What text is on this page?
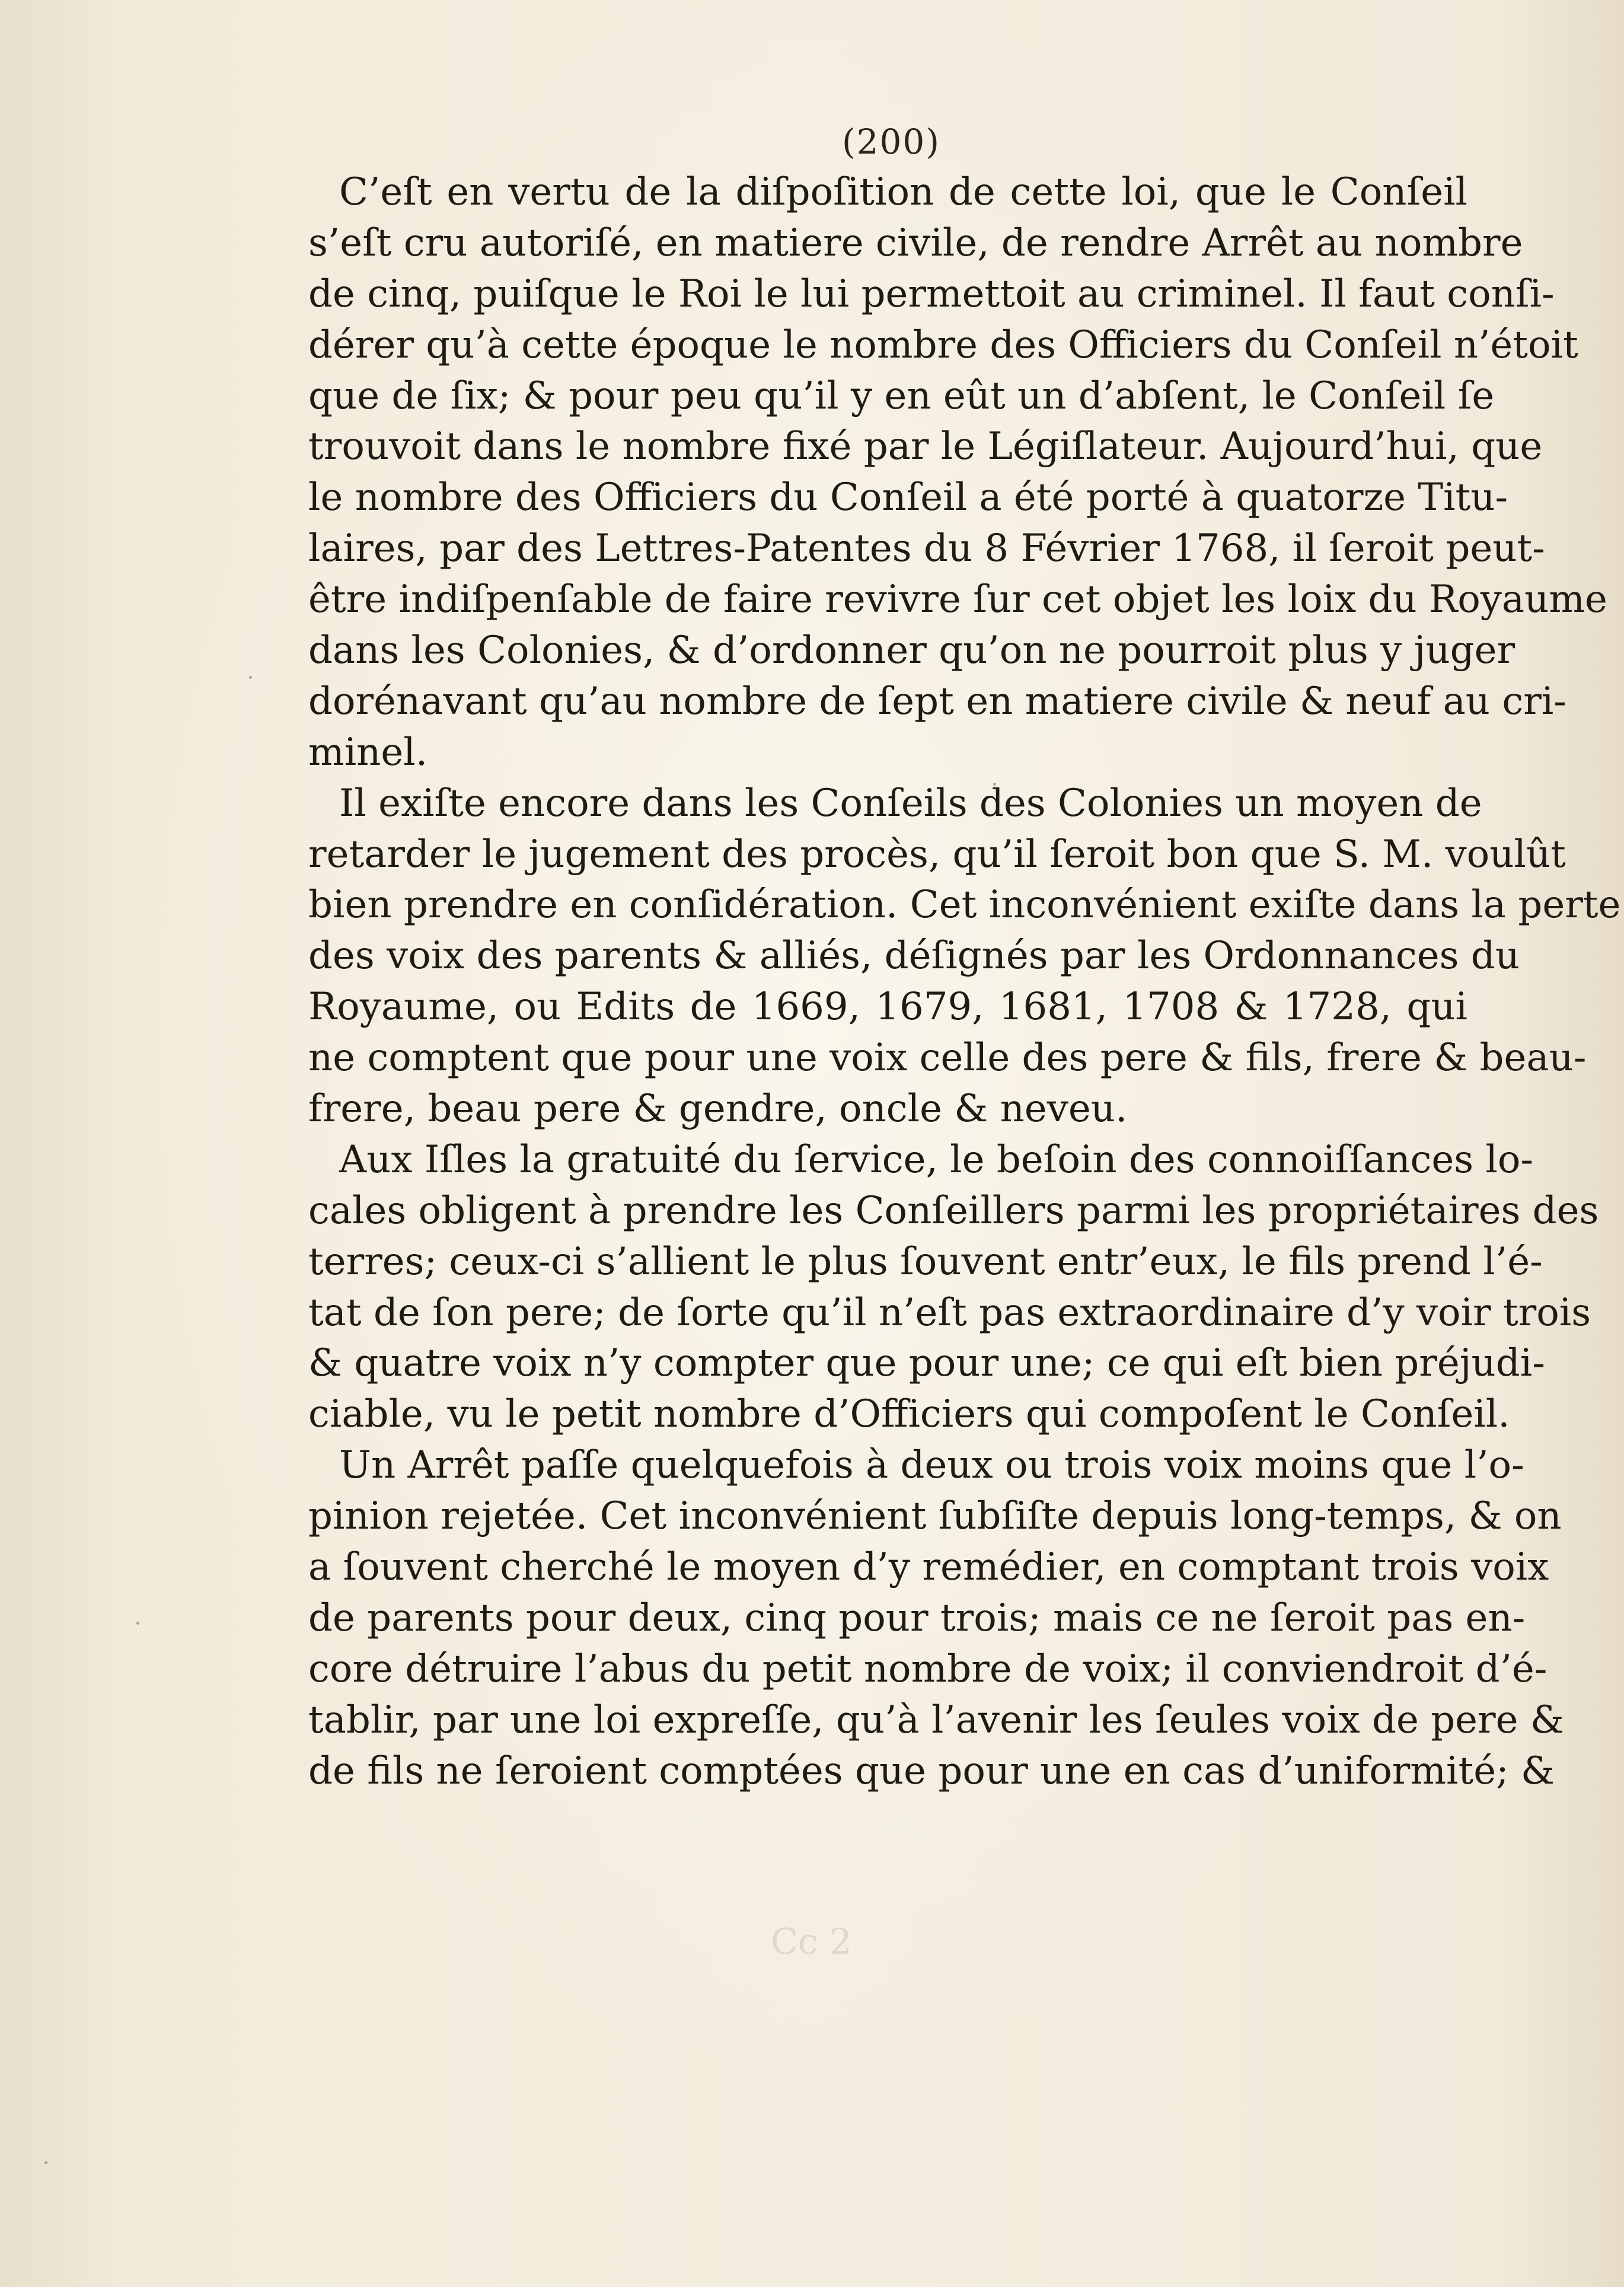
(200)
C’eſt en vertu de la diſpoſition de cette loi, que le Conſeil
s’eſt cru autoriſé, en matiere civile, de rendre Arrêt au nombre
de cinq, puiſque le Roi le lui permettoit au criminel. Il faut conſi-
dérer qu’à cette époque le nombre des Officiers du Conſeil n’étoit
que de ſix; & pour peu qu’il y en eût un d’abſent, le Conſeil ſe
trouvoit dans le nombre fixé par le Légiſlateur. Aujourd’hui, que
le nombre des Officiers du Conſeil a été porté à quatorze Titu-
laires, par des Lettres-Patentes du 8 Février 1768, il ſeroit peut-
être indiſpenſable de faire revivre ſur cet objet les loix du Royaume
dans les Colonies, & d’ordonner qu’on ne pourroit plus y juger
dorénavant qu’au nombre de ſept en matiere civile & neuf au cri-
minel.
Il exiſte encore dans les Conſeils des Colonies un moyen de
retarder le jugement des procès, qu’il ſeroit bon que S. M. voulût
bien prendre en conſidération. Cet inconvénient exiſte dans la perte
des voix des parents & alliés, déſignés par les Ordonnances du
Royaume, ou Edits de 1669, 1679, 1681, 1708 & 1728, qui
ne comptent que pour une voix celle des pere & fils, frere & beau-
frere, beau pere & gendre, oncle & neveu.
Aux Iſles la gratuité du ſervice, le beſoin des connoiſſances lo-
cales obligent à prendre les Conſeillers parmi les propriétaires des
terres; ceux-ci s’allient le plus ſouvent entr’eux, le fils prend l’é-
tat de ſon pere; de ſorte qu’il n’eſt pas extraordinaire d’y voir trois
& quatre voix n’y compter que pour une; ce qui eſt bien préjudi-
ciable, vu le petit nombre d’Officiers qui compoſent le Conſeil.
Un Arrêt paſſe quelquefois à deux ou trois voix moins que l’o-
pinion rejetée. Cet inconvénient ſubſiſte depuis long-temps, & on
a ſouvent cherché le moyen d’y remédier, en comptant trois voix
de parents pour deux, cinq pour trois; mais ce ne ſeroit pas en-
core détruire l’abus du petit nombre de voix; il conviendroit d’é-
tablir, par une loi expreſſe, qu’à l’avenir les ſeules voix de pere &
de fils ne ſeroient comptées que pour une en cas d’uniformité; &
Cc 2
